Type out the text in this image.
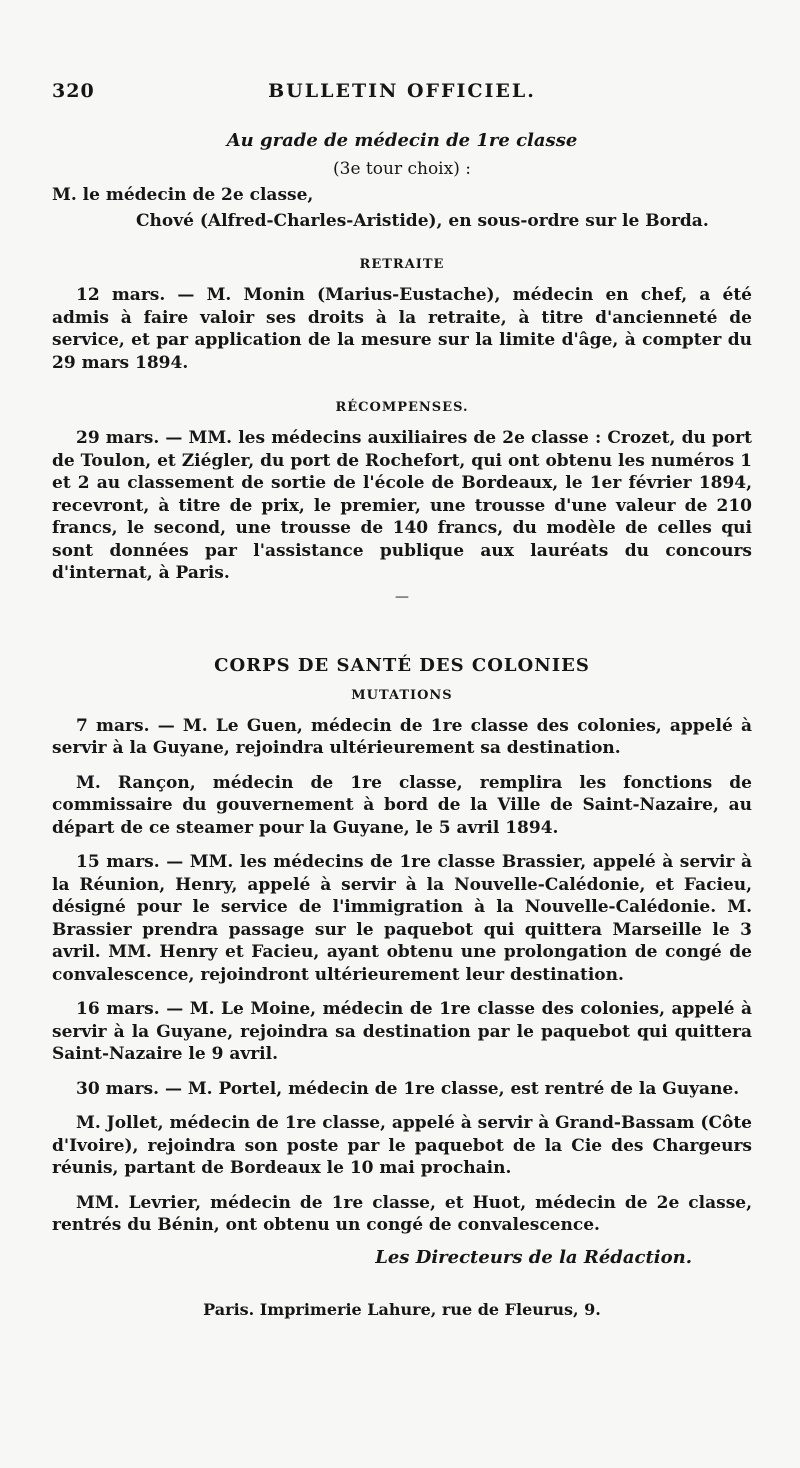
320	BULLETIN OFFICIEL.
Au grade de médecin de 1re classe
(3e tour choix) :
M. le médecin de 2e classe,
Chové (Alfred-Charles-Aristide), en sous-ordre sur le Borda.
RETRAITE

12 mars. — M. Monin (Marius-Eustache), médecin en chef, a été admis à faire valoir ses droits à la retraite, à titre d'ancienneté de service, et par application de la mesure sur la limite d'âge, à compter du 29 mars 1894.

RÉCOMPENSES.

29 mars. — MM. les médecins auxiliaires de 2e classe : Crozet, du port de Toulon, et Ziégler, du port de Rochefort, qui ont obtenu les numéros 1 et 2 au classement de sortie de l'école de Bordeaux, le 1er février 1894, recevront, à titre de prix, le premier, une trousse d'une valeur de 210 francs, le second, une trousse de 140 francs, du modèle de celles qui sont données par l'assistance publique aux lauréats du concours d'internat, à Paris.

—
CORPS DE SANTÉ DES COLONIES
MUTATIONS

7 mars. — M. Le Guen, médecin de 1re classe des colonies, appelé à servir à la Guyane, rejoindra ultérieurement sa destination.

M. Rançon, médecin de 1re classe, remplira les fonctions de commissaire du gouvernement à bord de la Ville de Saint-Nazaire, au départ de ce steamer pour la Guyane, le 5 avril 1894.

15 mars. — MM. les médecins de 1re classe Brassier, appelé à servir à la Réunion, Henry, appelé à servir à la Nouvelle-Calédonie, et Facieu, désigné pour le service de l'immigration à la Nouvelle-Calédonie. M. Brassier prendra passage sur le paquebot qui quittera Marseille le 3 avril. MM. Henry et Facieu, ayant obtenu une prolongation de congé de convalescence, rejoindront ultérieurement leur destination.

16 mars. — M. Le Moine, médecin de 1re classe des colonies, appelé à servir à la Guyane, rejoindra sa destination par le paquebot qui quittera Saint-Nazaire le 9 avril.

30 mars. — M. Portel, médecin de 1re classe, est rentré de la Guyane.

M. Jollet, médecin de 1re classe, appelé à servir à Grand-Bassam (Côte d'Ivoire), rejoindra son poste par le paquebot de la Cie des Chargeurs réunis, partant de Bordeaux le 10 mai prochain.

MM. Levrier, médecin de 1re classe, et Huot, médecin de 2e classe, rentrés du Bénin, ont obtenu un congé de convalescence.

Les Directeurs de la Rédaction.
Paris. Imprimerie Lahure, rue de Fleurus, 9.
